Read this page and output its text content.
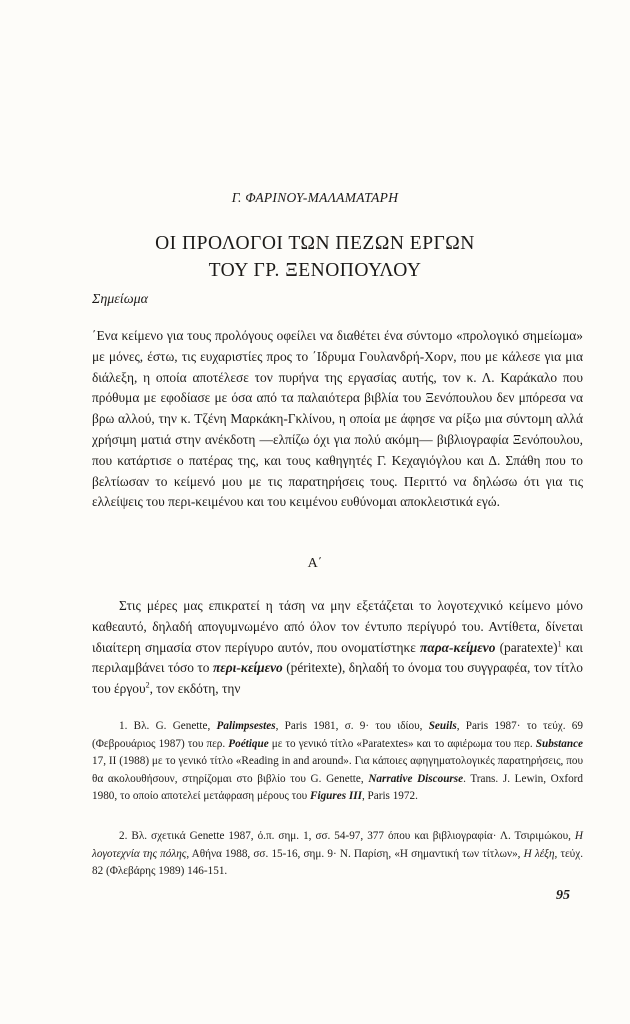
Γ. ΦΑΡΙΝΟΥ-ΜΑΛΑΜΑΤΑΡΗ
ΟΙ ΠΡΟΛΟΓΟΙ ΤΩΝ ΠΕΖΩΝ ΕΡΓΩΝ
ΤΟΥ ΓΡ. ΞΕΝΟΠΟΥΛΟΥ
Σημείωμα

΄Ενα κείμενο για τους προλόγους οφείλει να διαθέτει ένα σύντομο «προλογικό σημείωμα» με μόνες, έστω, τις ευχαριστίες προς το ΄Ιδρυμα Γουλανδρή-Χορν, που με κάλεσε για μια διάλεξη, η οποία αποτέλεσε τον πυρήνα της εργασίας αυτής, τον κ. Λ. Καράκαλο που πρόθυμα με εφοδίασε με όσα από τα παλαιότερα βιβλία του Ξενόπουλου δεν μπόρεσα να βρω αλλού, την κ. Τζένη Μαρκάκη-Γκλίνου, η οποία με άφησε να ρίξω μια σύντομη αλλά χρήσιμη ματιά στην ανέκδοτη —ελπίζω όχι για πολύ ακόμη— βιβλιογραφία Ξενόπουλου, που κατάρτισε ο πατέρας της, και τους καθηγητές Γ. Κεχαγιόγλου και Δ. Σπάθη που το βελτίωσαν το κείμενό μου με τις παρατηρήσεις τους. Περιττό να δηλώσω ότι για τις ελλείψεις του περι-κειμένου και του κειμένου ευθύνομαι αποκλειστικά εγώ.

Α΄

Στις μέρες μας επικρατεί η τάση να μην εξετάζεται το λογοτεχνικό κείμενο μόνο καθεαυτό, δηλαδή απογυμνωμένο από όλον τον έντυπο περίγυρό του. Αντίθετα, δίνεται ιδιαίτερη σημασία στον περίγυρο αυτόν, που ονοματίστηκε παρα-κείμενο (paratexte)$^1$ και περιλαμβάνει τόσο το περι-κείμενο (péritexte), δηλαδή το όνομα του συγγραφέα, τον τίτλο του έργου$^2$, τον εκδότη, την

1. Βλ. G. Genette, Palimpsestes, Paris 1981, σ. 9· του ιδίου, Seuils, Paris 1987· το τεύχ. 69 (Φεβρουάριος 1987) του περ. Poétique με το γενικό τίτλο «Paratextes» και το αφιέρωμα του περ. Substance 17, ΙΙ (1988) με το γενικό τίτλο «Reading in and around». Για κάποιες αφηγηματολογικές παρατηρήσεις, που θα ακολουθήσουν, στηρίζομαι στο βιβλίο του G. Genette, Narrative Discourse. Trans. J. Lewin, Oxford 1980, το οποίο αποτελεί μετάφραση μέρους του Figures III, Paris 1972.

2. Βλ. σχετικά Genette 1987, ό.π. σημ. 1, σσ. 54-97, 377 όπου και βιβλιογραφία· Λ. Τσιριμώκου, Η λογοτεχνία της πόλης, Αθήνα 1988, σσ. 15-16, σημ. 9· Ν. Παρίση, «Η σημαντική των τίτλων», Η λέξη, τεύχ. 82 (Φλεβάρης 1989) 146-151.

95
